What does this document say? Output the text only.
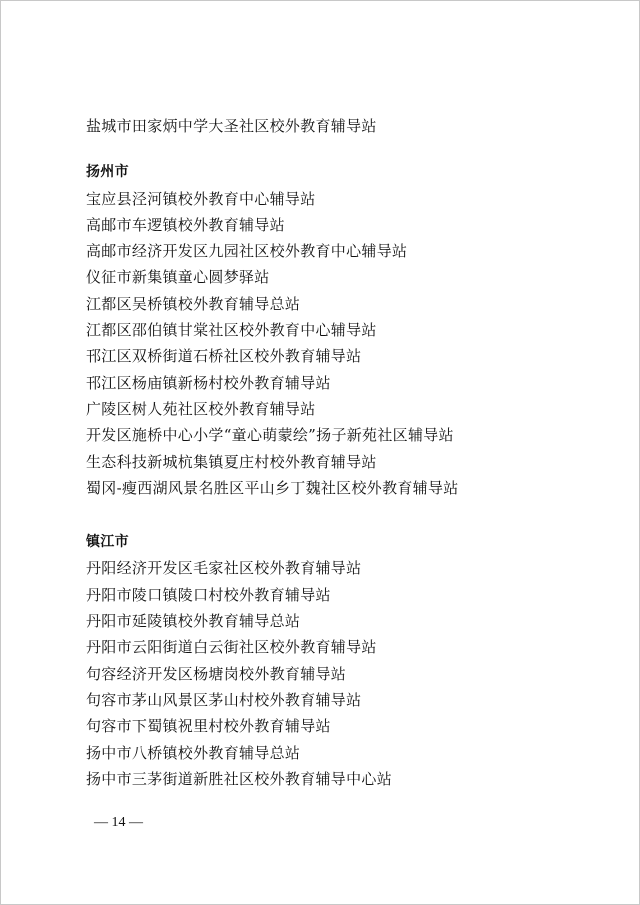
盐城市田家炳中学大圣社区校外教育辅导站
扬州市
宝应县泾河镇校外教育中心辅导站
高邮市车逻镇校外教育辅导站
高邮市经济开发区九园社区校外教育中心辅导站
仪征市新集镇童心圆梦驿站
江都区吴桥镇校外教育辅导总站
江都区邵伯镇甘棠社区校外教育中心辅导站
邗江区双桥街道石桥社区校外教育辅导站
邗江区杨庙镇新杨村校外教育辅导站
广陵区树人苑社区校外教育辅导站
开发区施桥中心小学“童心萌蒙绘”扬子新苑社区辅导站
生态科技新城杭集镇夏庄村校外教育辅导站
蜀冈-瘦西湖风景名胜区平山乡丁魏社区校外教育辅导站
镇江市
丹阳经济开发区毛家社区校外教育辅导站
丹阳市陵口镇陵口村校外教育辅导站
丹阳市延陵镇校外教育辅导总站
丹阳市云阳街道白云街社区校外教育辅导站
句容经济开发区杨塘岗校外教育辅导站
句容市茅山风景区茅山村校外教育辅导站
句容市下蜀镇祝里村校外教育辅导站
扬中市八桥镇校外教育辅导总站
扬中市三茅街道新胜社区校外教育辅导中心站
— 14 —
